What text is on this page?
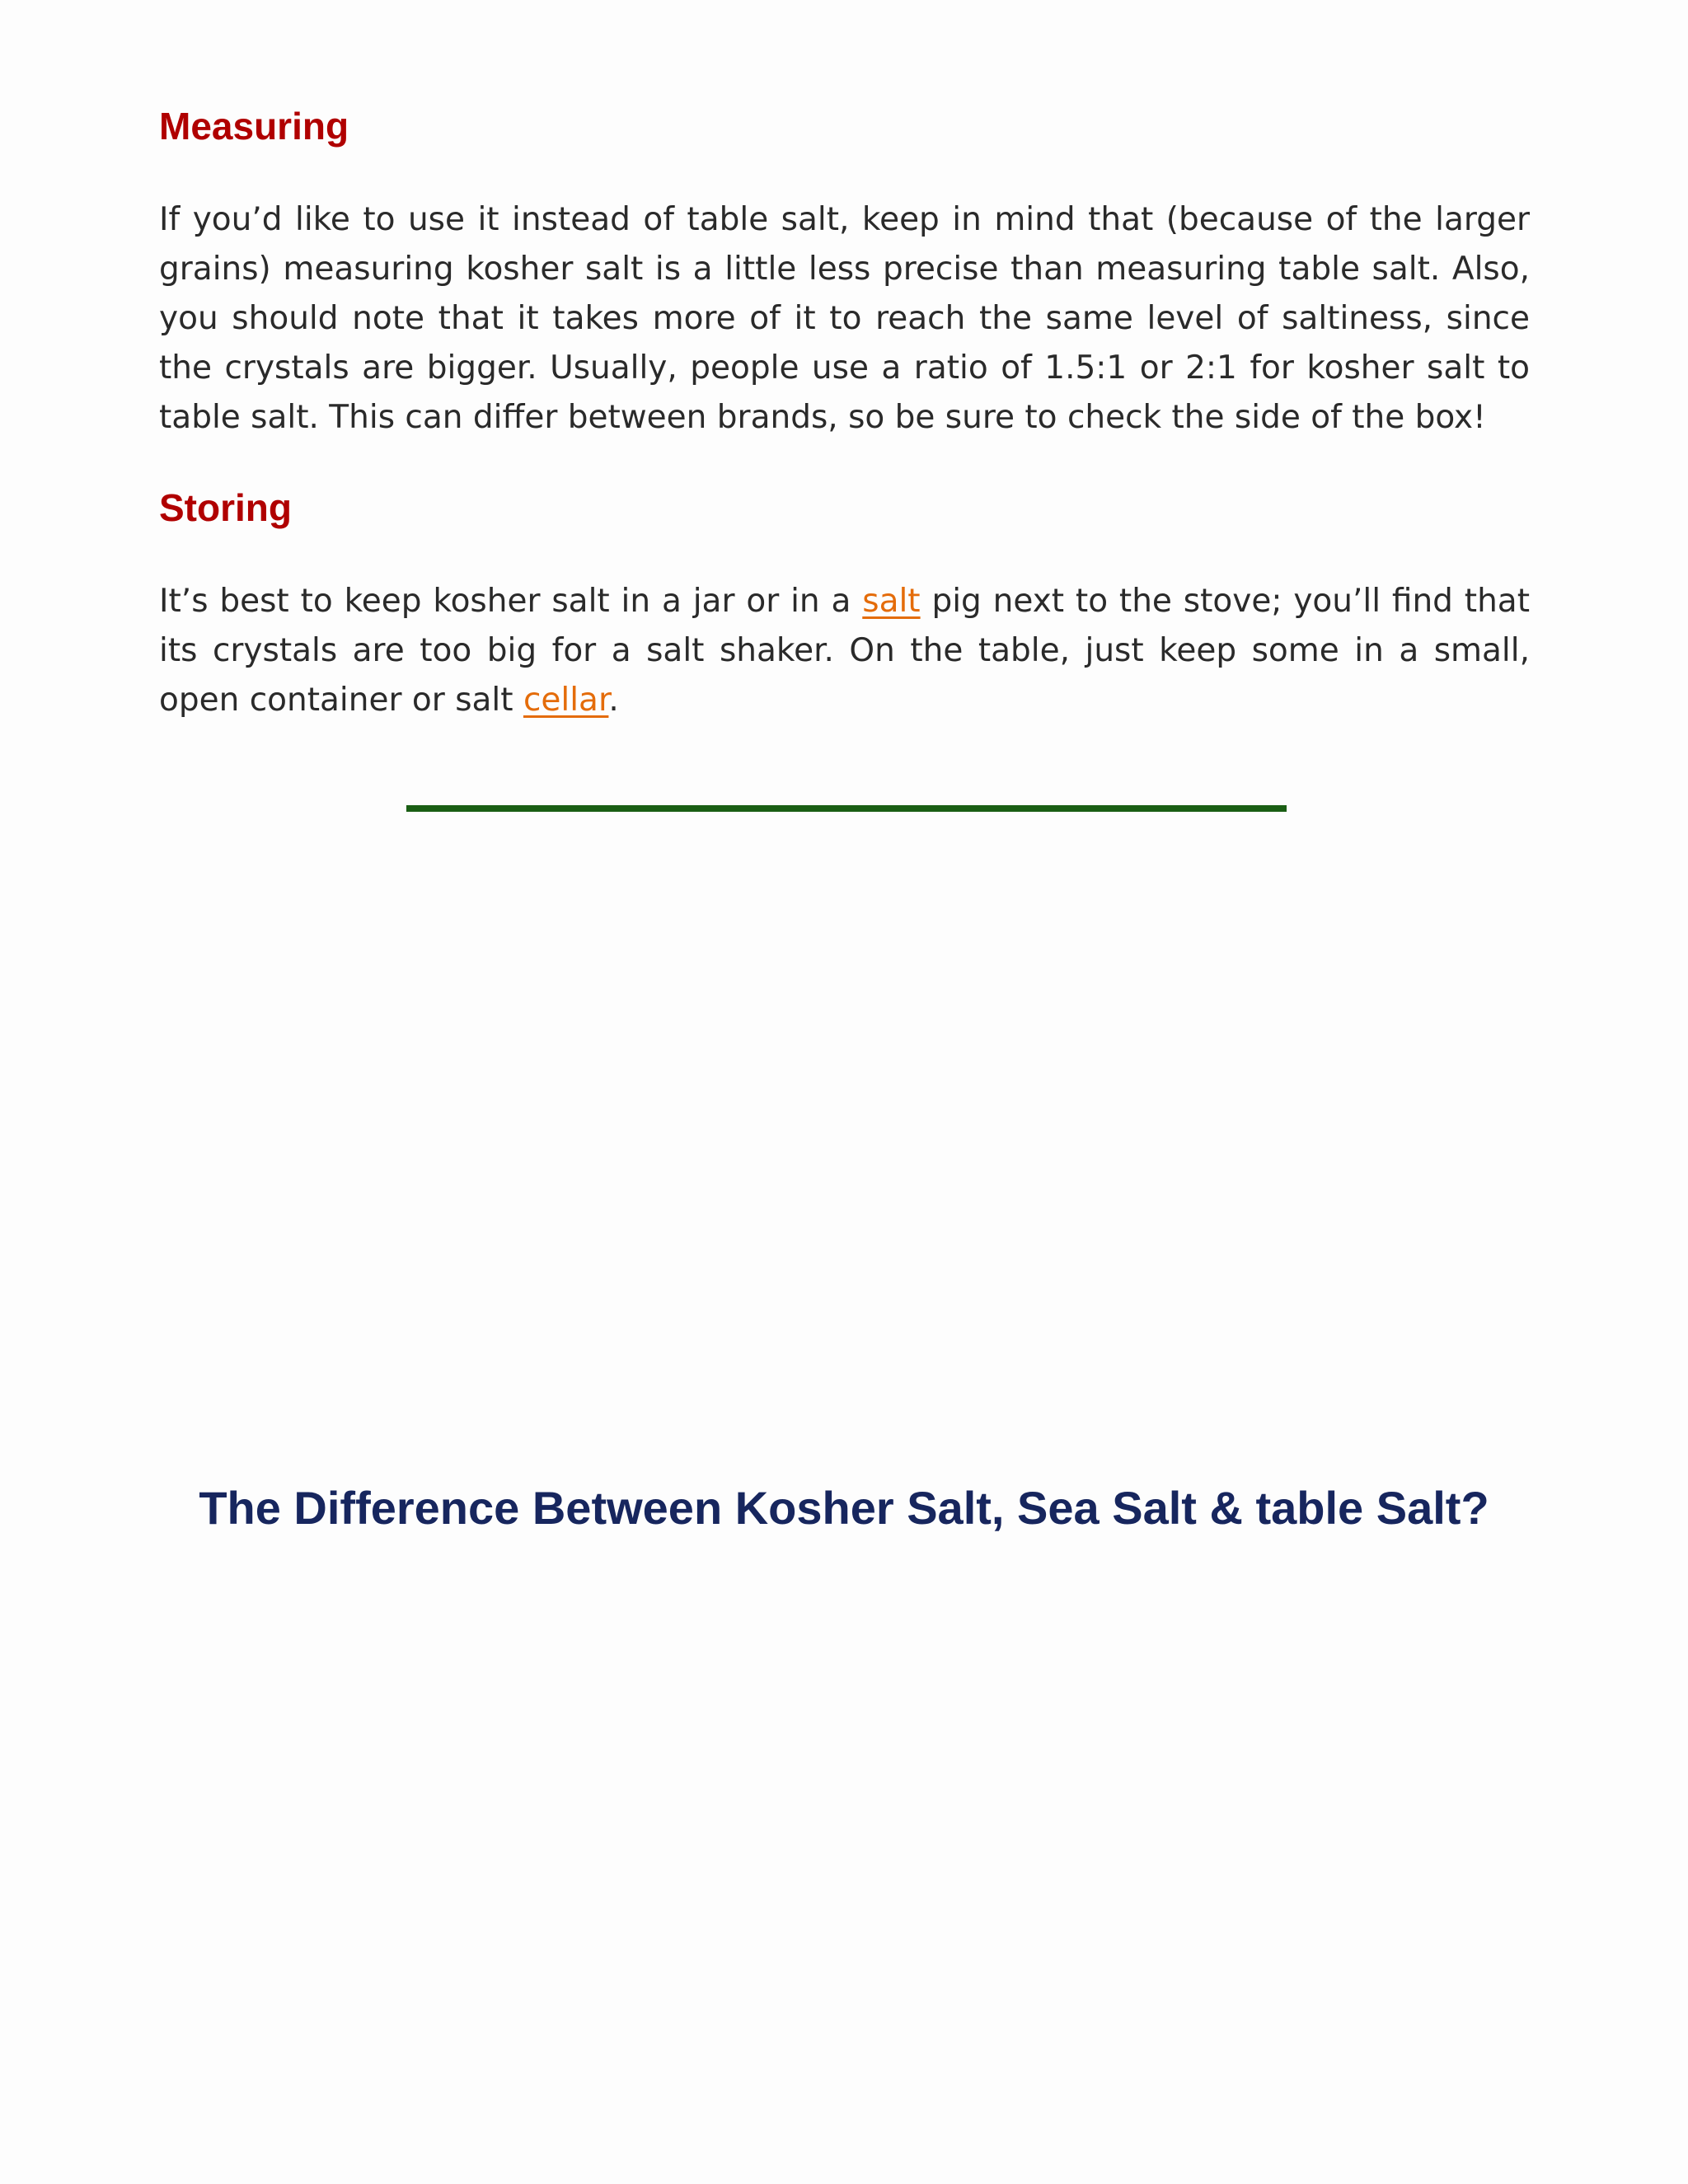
Measuring

If you’d like to use it instead of table salt, keep in mind that (because of the larger grains) measuring kosher salt is a little less precise than measuring table salt. Also, you should note that it takes more of it to reach the same level of saltiness, since the crystals are bigger. Usually, people use a ratio of 1.5:1 or 2:1 for kosher salt to table salt. This can differ between brands, so be sure to check the side of the box!

Storing

It’s best to keep kosher salt in a jar or in a salt pig next to the stove; you’ll find that its crystals are too big for a salt shaker. On the table, just keep some in a small, open container or salt cellar.

The Difference Between Kosher Salt, Sea Salt & table Salt?
